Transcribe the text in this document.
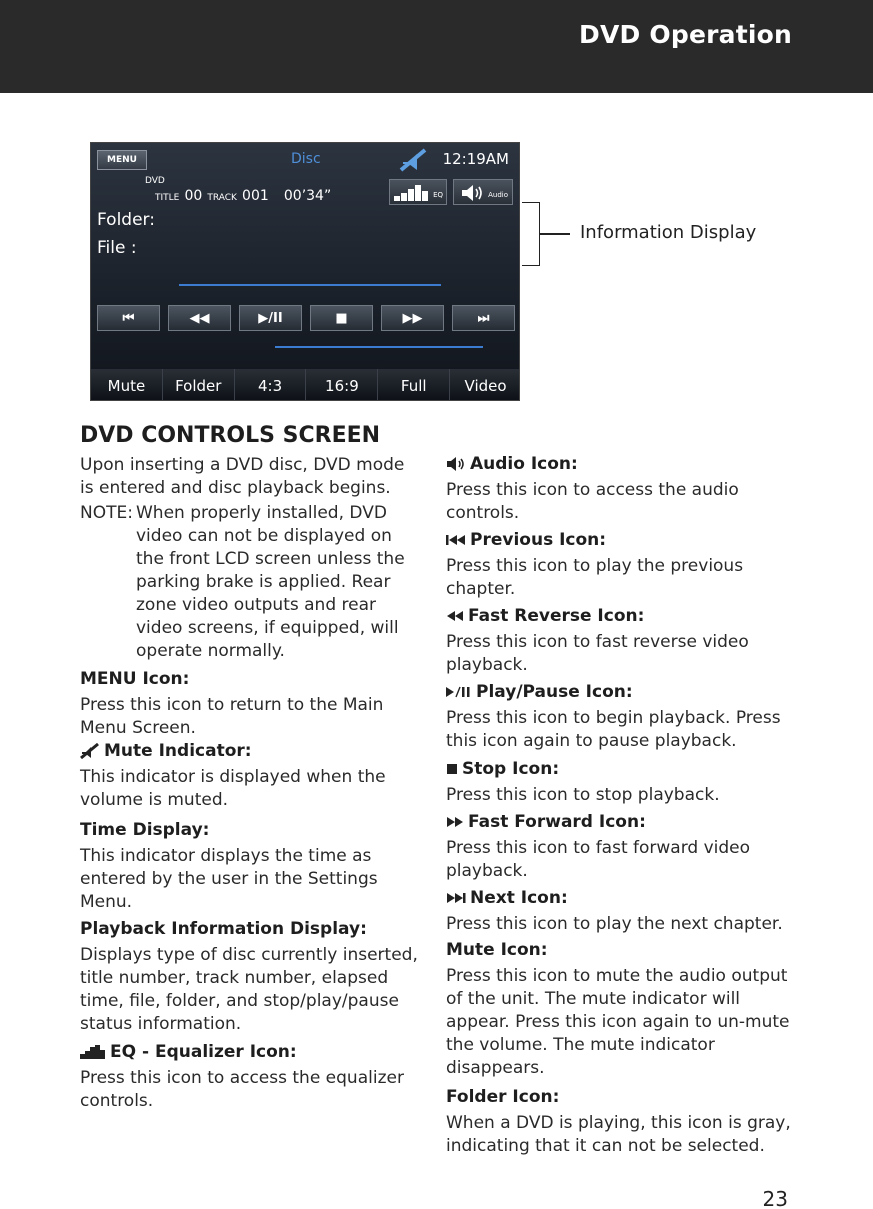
DVD Operation
MENU	Disc	12:19AM
DVD
TITLE 00 TRACK 001 00’34”	EQ	Audio
Folder:
File :
⏮	◀◀	▶/II	■	▶▶	⏭
Mute	Folder	4:3	16:9	Full	Video
Information Display
DVD CONTROLS SCREEN

Upon inserting a DVD disc, DVD mode is entered and disc playback begins.

NOTE: When properly installed, DVD video can not be displayed on the front LCD screen unless the parking brake is applied. Rear zone video outputs and rear video screens, if equipped, will operate normally.

MENU Icon:

Press this icon to return to the Main Menu Screen.

Mute Indicator:

This indicator is displayed when the volume is muted.

Time Display:

This indicator displays the time as entered by the user in the Settings Menu.

Playback Information Display:

Displays type of disc currently inserted, title number, track number, elapsed time, file, folder, and stop/play/pause status information.

EQ - Equalizer Icon:

Press this icon to access the equalizer controls.

Audio Icon:

Press this icon to access the audio controls.

Previous Icon:

Press this icon to play the previous chapter.

Fast Reverse Icon:

Press this icon to fast reverse video playback.

Play/Pause Icon:

Press this icon to begin playback. Press this icon again to pause playback.

Stop Icon:

Press this icon to stop playback.

Fast Forward Icon:

Press this icon to fast forward video playback.

Next Icon:

Press this icon to play the next chapter.

Mute Icon:

Press this icon to mute the audio output of the unit. The mute indicator will appear. Press this icon again to un-mute the volume. The mute indicator disappears.

Folder Icon:

When a DVD is playing, this icon is gray, indicating that it can not be selected.

23
